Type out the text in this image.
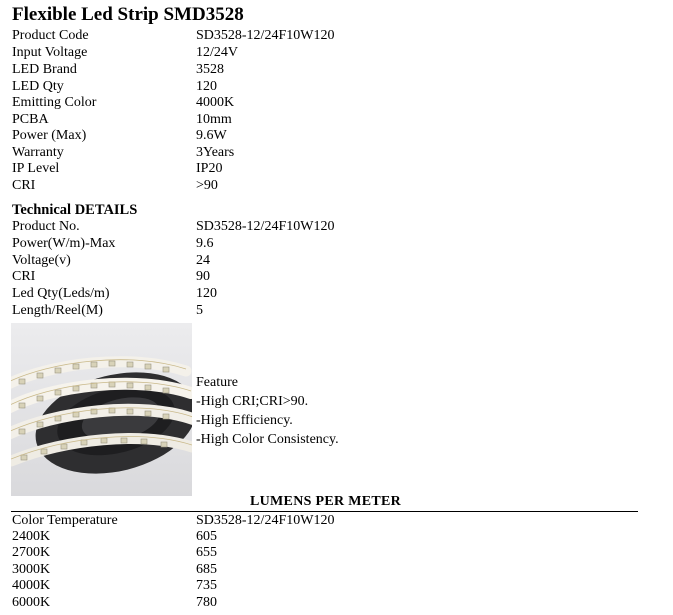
Flexible Led Strip SMD3528
Product Code	SD3528-12/24F10W120
Input Voltage	12/24V
LED Brand	3528
LED Qty	120
Emitting Color	4000K
PCBA	10mm
Power (Max)	9.6W
Warranty	3Years
IP Level	IP20
CRI	>90
Technical DETAILS
Product No.	SD3528-12/24F10W120
Power(W/m)-Max	9.6
Voltage(v)	24
CRI	90
Led Qty(Leds/m)	120
Length/Reel(M)	5
Feature
-High CRI;CRI>90.
-High Efficiency.
-High Color Consistency.
LUMENS PER METER
Color Temperature	SD3528-12/24F10W120
2400K	605
2700K	655
3000K	685
4000K	735
6000K	780
